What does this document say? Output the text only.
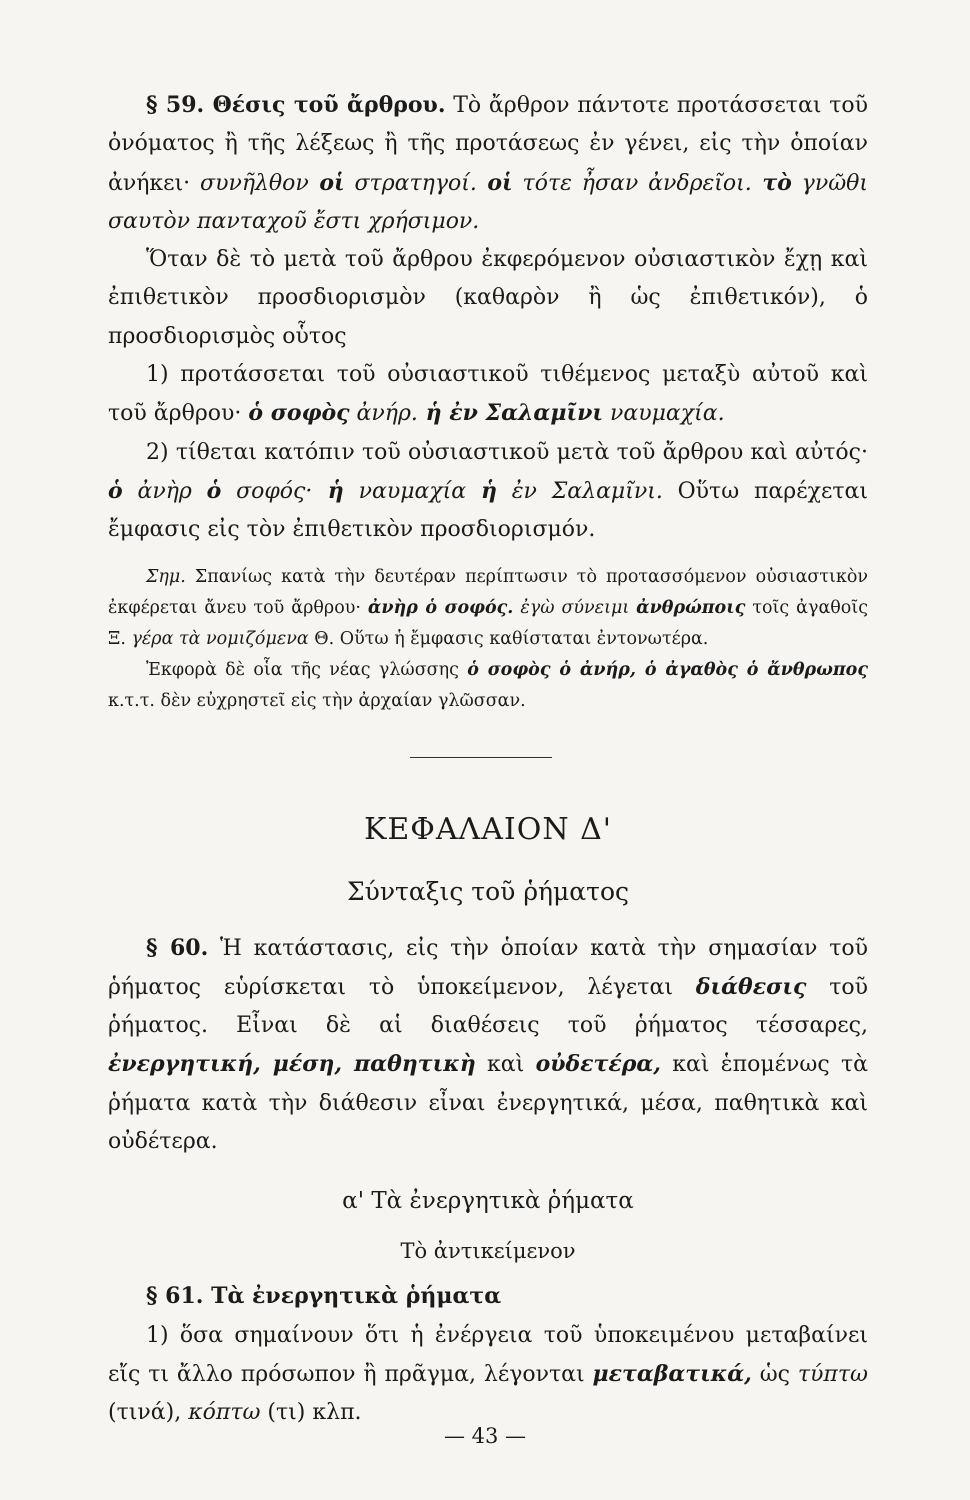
§ 59. Θέσις τοῦ ἄρθρου. Τὸ ἄρθρον πάντοτε προτάσσεται τοῦ ὀνόματος ἢ τῆς λέξεως ἢ τῆς προτάσεως ἐν γένει, εἰς τὴν ὁποίαν ἀνήκει· συνῆλθον οἱ στρατηγοί. οἱ τότε ἦσαν ἀνδρεῖοι. τὸ γνῶθι σαυτὸν πανταχοῦ ἔστι χρήσιμον.

Ὅταν δὲ τὸ μετὰ τοῦ ἄρθρου ἐκφερόμενον οὐσιαστικὸν ἔχῃ καὶ ἐπιθετικὸν προσδιορισμὸν (καθαρὸν ἢ ὡς ἐπιθετικόν), ὁ προσδιορισμὸς οὗτος

1) προτάσσεται τοῦ οὐσιαστικοῦ τιθέμενος μεταξὺ αὐτοῦ καὶ τοῦ ἄρθρου· ὁ σοφὸς ἀνήρ. ἡ ἐν Σαλαμῖνι ναυμαχία.

2) τίθεται κατόπιν τοῦ οὐσιαστικοῦ μετὰ τοῦ ἄρθρου καὶ αὐτός· ὁ ἀνὴρ ὁ σοφός· ἡ ναυμαχία ἡ ἐν Σαλαμῖνι. Οὕτω παρέχεται ἔμφασις εἰς τὸν ἐπιθετικὸν προσδιορισμόν.

Σημ. Σπανίως κατὰ τὴν δευτέραν περίπτωσιν τὸ προτασσόμενον οὐσιαστικὸν ἐκφέρεται ἄνευ τοῦ ἄρθρου· ἀνὴρ ὁ σοφός. ἐγὼ σύνειμι ἀνθρώποις τοῖς ἀγαθοῖς Ξ. γέρα τὰ νομιζόμενα Θ. Οὕτω ἡ ἔμφασις καθίσταται ἐντονωτέρα.

Ἐκφορὰ δὲ οἷα τῆς νέας γλώσσης ὁ σοφὸς ὁ ἀνήρ, ὁ ἀγαθὸς ὁ ἄνθρωπος κ.τ.τ. δὲν εὐχρηστεῖ εἰς τὴν ἀρχαίαν γλῶσσαν.

ΚΕΦΑΛΑΙΟΝ Δ'

Σύνταξις τοῦ ῥήματος

§ 60. Ἡ κατάστασις, εἰς τὴν ὁποίαν κατὰ τὴν σημασίαν τοῦ ῥήματος εὑρίσκεται τὸ ὑποκείμενον, λέγεται διάθεσις τοῦ ῥήματος. Εἶναι δὲ αἱ διαθέσεις τοῦ ῥήματος τέσσαρες, ἐνεργητική, μέση, παθητικὴ καὶ οὐδετέρα, καὶ ἑπομένως τὰ ῥήματα κατὰ τὴν διάθεσιν εἶναι ἐνεργητικά, μέσα, παθητικὰ καὶ οὐδέτερα.

α' Τὰ ἐνεργητικὰ ῥήματα

Τὸ ἀντικείμενον

§ 61. Τὰ ἐνεργητικὰ ῥήματα

1) ὅσα σημαίνουν ὅτι ἡ ἐνέργεια τοῦ ὑποκειμένου μεταβαίνει εἴς τι ἄλλο πρόσωπον ἢ πρᾶγμα, λέγονται μεταβατικά, ὡς τύπτω (τινά), κόπτω (τι) κλπ.

— 43 —
